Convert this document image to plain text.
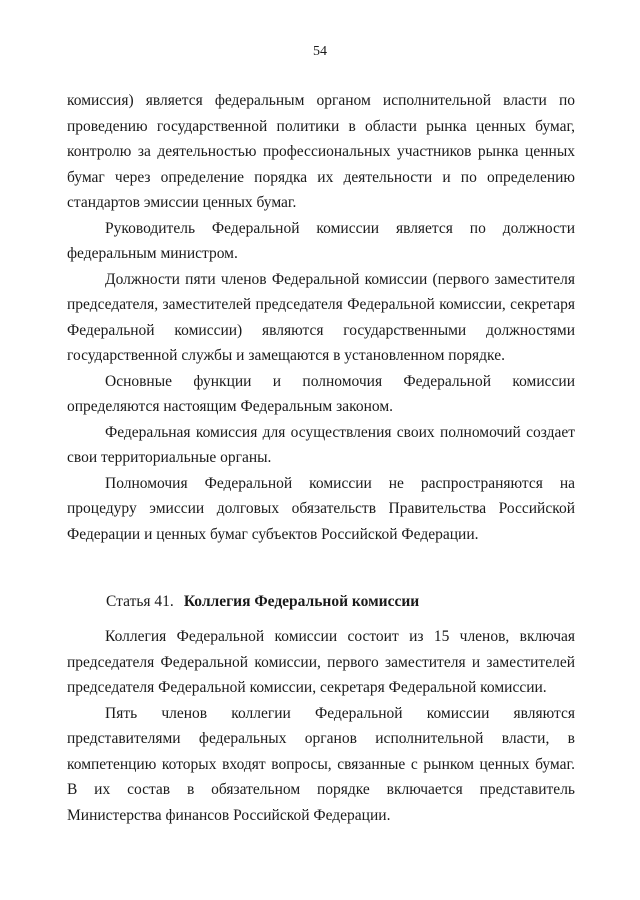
54

комиссия) является федеральным органом исполнительной власти по проведению государственной политики в области рынка ценных бумаг, контролю за деятельностью профессиональных участников рынка ценных бумаг через определение порядка их деятельности и по определению стандартов эмиссии ценных бумаг.

Руководитель Федеральной комиссии является по должности федеральным министром.

Должности пяти членов Федеральной комиссии (первого заместителя председателя, заместителей председателя Федеральной комиссии, секретаря Федеральной комиссии) являются государственными должностями государственной службы и замещаются в установленном порядке.

Основные функции и полномочия Федеральной комиссии определяются настоящим Федеральным законом.

Федеральная комиссия для осуществления своих полномочий создает свои территориальные органы.

Полномочия Федеральной комиссии не распространяются на процедуру эмиссии долговых обязательств Правительства Российской Федерации и ценных бумаг субъектов Российской Федерации.

Статья 41. Коллегия Федеральной комиссии

Коллегия Федеральной комиссии состоит из 15 членов, включая председателя Федеральной комиссии, первого заместителя и заместителей председателя Федеральной комиссии, секретаря Федеральной комиссии.

Пять членов коллегии Федеральной комиссии являются представителями федеральных органов исполнительной власти, в компетенцию которых входят вопросы, связанные с рынком ценных бумаг. В их состав в обязательном порядке включается представитель Министерства финансов Российской Федерации.
